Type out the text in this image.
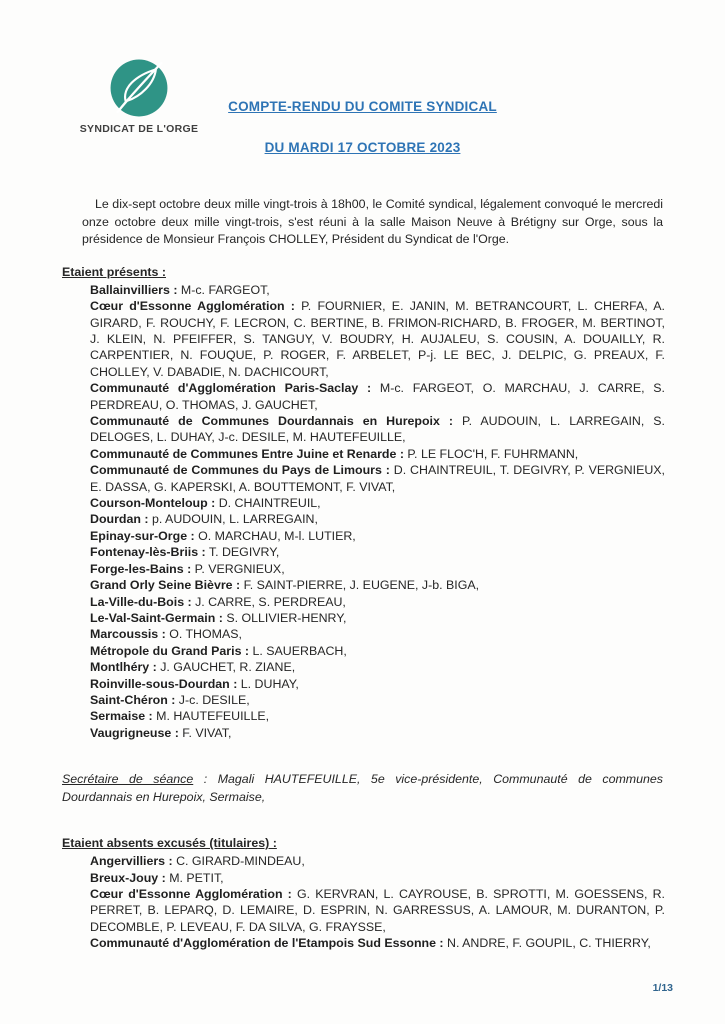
SYNDICAT DE L'ORGE
COMPTE-RENDU DU COMITE SYNDICAL
DU MARDI 17 OCTOBRE 2023

Le dix-sept octobre deux mille vingt-trois à 18h00, le Comité syndical, légalement convoqué le mercredi onze octobre deux mille vingt-trois, s'est réuni à la salle Maison Neuve à Brétigny sur Orge, sous la présidence de Monsieur François CHOLLEY, Président du Syndicat de l'Orge.

Etaient présents :

Ballainvilliers : M-c. FARGEOT,

Cœur d'Essonne Agglomération : P. FOURNIER, E. JANIN, M. BETRANCOURT, L. CHERFA, A. GIRARD, F. ROUCHY, F. LECRON, C. BERTINE, B. FRIMON-RICHARD, B. FROGER, M. BERTINOT, J. KLEIN, N. PFEIFFER, S. TANGUY, V. BOUDRY, H. AUJALEU, S. COUSIN, A. DOUAILLY, R. CARPENTIER, N. FOUQUE, P. ROGER, F. ARBELET, P-j. LE BEC, J. DELPIC, G. PREAUX, F. CHOLLEY, V. DABADIE, N. DACHICOURT,

Communauté d'Agglomération Paris-Saclay : M-c. FARGEOT, O. MARCHAU, J. CARRE, S. PERDREAU, O. THOMAS, J. GAUCHET,

Communauté de Communes Dourdannais en Hurepoix : P. AUDOUIN, L. LARREGAIN, S. DELOGES, L. DUHAY, J-c. DESILE, M. HAUTEFEUILLE,

Communauté de Communes Entre Juine et Renarde : P. LE FLOC'H, F. FUHRMANN,

Communauté de Communes du Pays de Limours : D. CHAINTREUIL, T. DEGIVRY, P. VERGNIEUX, E. DASSA, G. KAPERSKI, A. BOUTTEMONT, F. VIVAT,

Courson-Monteloup : D. CHAINTREUIL,

Dourdan : p. AUDOUIN, L. LARREGAIN,

Epinay-sur-Orge : O. MARCHAU, M-l. LUTIER,

Fontenay-lès-Briis : T. DEGIVRY,

Forge-les-Bains : P. VERGNIEUX,

Grand Orly Seine Bièvre : F. SAINT-PIERRE, J. EUGENE, J-b. BIGA,

La-Ville-du-Bois : J. CARRE, S. PERDREAU,

Le-Val-Saint-Germain : S. OLLIVIER-HENRY,

Marcoussis : O. THOMAS,

Métropole du Grand Paris : L. SAUERBACH,

Montlhéry : J. GAUCHET, R. ZIANE,

Roinville-sous-Dourdan : L. DUHAY,

Saint-Chéron : J-c. DESILE,

Sermaise : M. HAUTEFEUILLE,

Vaugrigneuse : F. VIVAT,

Secrétaire de séance : Magali HAUTEFEUILLE, 5e vice-présidente, Communauté de communes Dourdannais en Hurepoix, Sermaise,

Etaient absents excusés (titulaires) :

Angervilliers : C. GIRARD-MINDEAU,

Breux-Jouy : M. PETIT,

Cœur d'Essonne Agglomération : G. KERVRAN, L. CAYROUSE, B. SPROTTI, M. GOESSENS, R. PERRET, B. LEPARQ, D. LEMAIRE, D. ESPRIN, N. GARRESSUS, A. LAMOUR, M. DURANTON, P. DECOMBLE, P. LEVEAU, F. DA SILVA, G. FRAYSSE,

Communauté d'Agglomération de l'Etampois Sud Essonne : N. ANDRE, F. GOUPIL, C. THIERRY,

1/13
